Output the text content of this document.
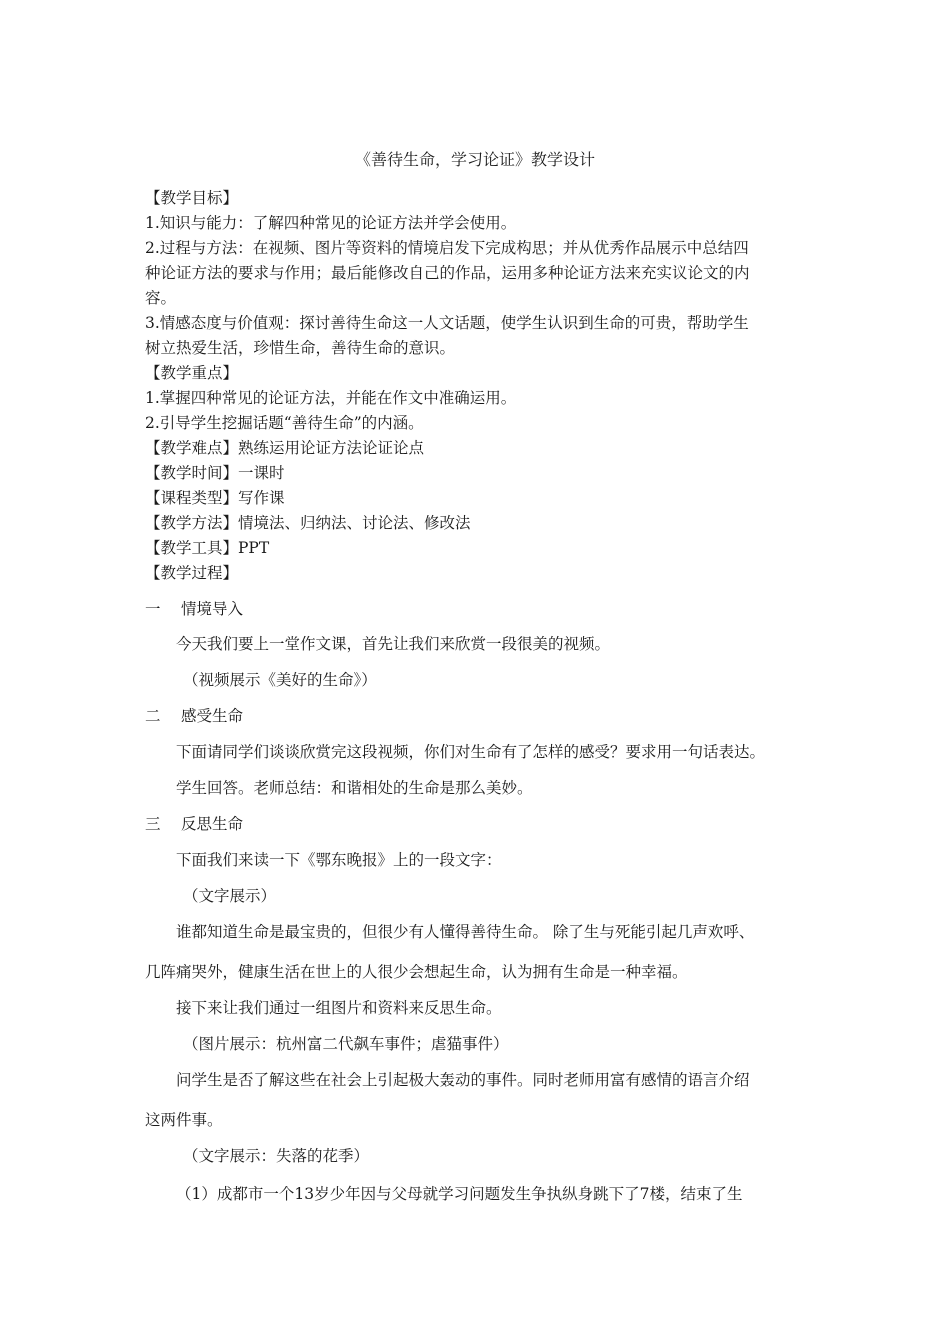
《善待生命，学习论证》教学设计
【教学目标】
1.知识与能力：了解四种常见的论证方法并学会使用。
2.过程与方法：在视频、图片等资料的情境启发下完成构思；并从优秀作品展示中总结四
种论证方法的要求与作用；最后能修改自己的作品，运用多种论证方法来充实议论文的内
容。
3.情感态度与价值观：探讨善待生命这一人文话题，使学生认识到生命的可贵，帮助学生
树立热爱生活，珍惜生命，善待生命的意识。
【教学重点】
1.掌握四种常见的论证方法，并能在作文中准确运用。
2.引导学生挖掘话题“善待生命”的内涵。
【教学难点】熟练运用论证方法论证论点
【教学时间】一课时
【课程类型】写作课
【教学方法】情境法、归纳法、讨论法、修改法
【教学工具】PPT
【教学过程】
一 情境导入
今天我们要上一堂作文课，首先让我们来欣赏一段很美的视频。
（视频展示《美好的生命》）
二 感受生命
下面请同学们谈谈欣赏完这段视频，你们对生命有了怎样的感受？要求用一句话表达。
学生回答。老师总结：和谐相处的生命是那么美妙。
三 反思生命
下面我们来读一下《鄂东晚报》上的一段文字：
（文字展示）
谁都知道生命是最宝贵的，但很少有人懂得善待生命。 除了生与死能引起几声欢呼、
几阵痛哭外，健康生活在世上的人很少会想起生命，认为拥有生命是一种幸福。
接下来让我们通过一组图片和资料来反思生命。
（图片展示：杭州富二代飙车事件；虐猫事件）
问学生是否了解这些在社会上引起极大轰动的事件。同时老师用富有感情的语言介绍
这两件事。
（文字展示：失落的花季）
（1）成都市一个13岁少年因与父母就学习问题发生争执纵身跳下了7楼，结束了生
